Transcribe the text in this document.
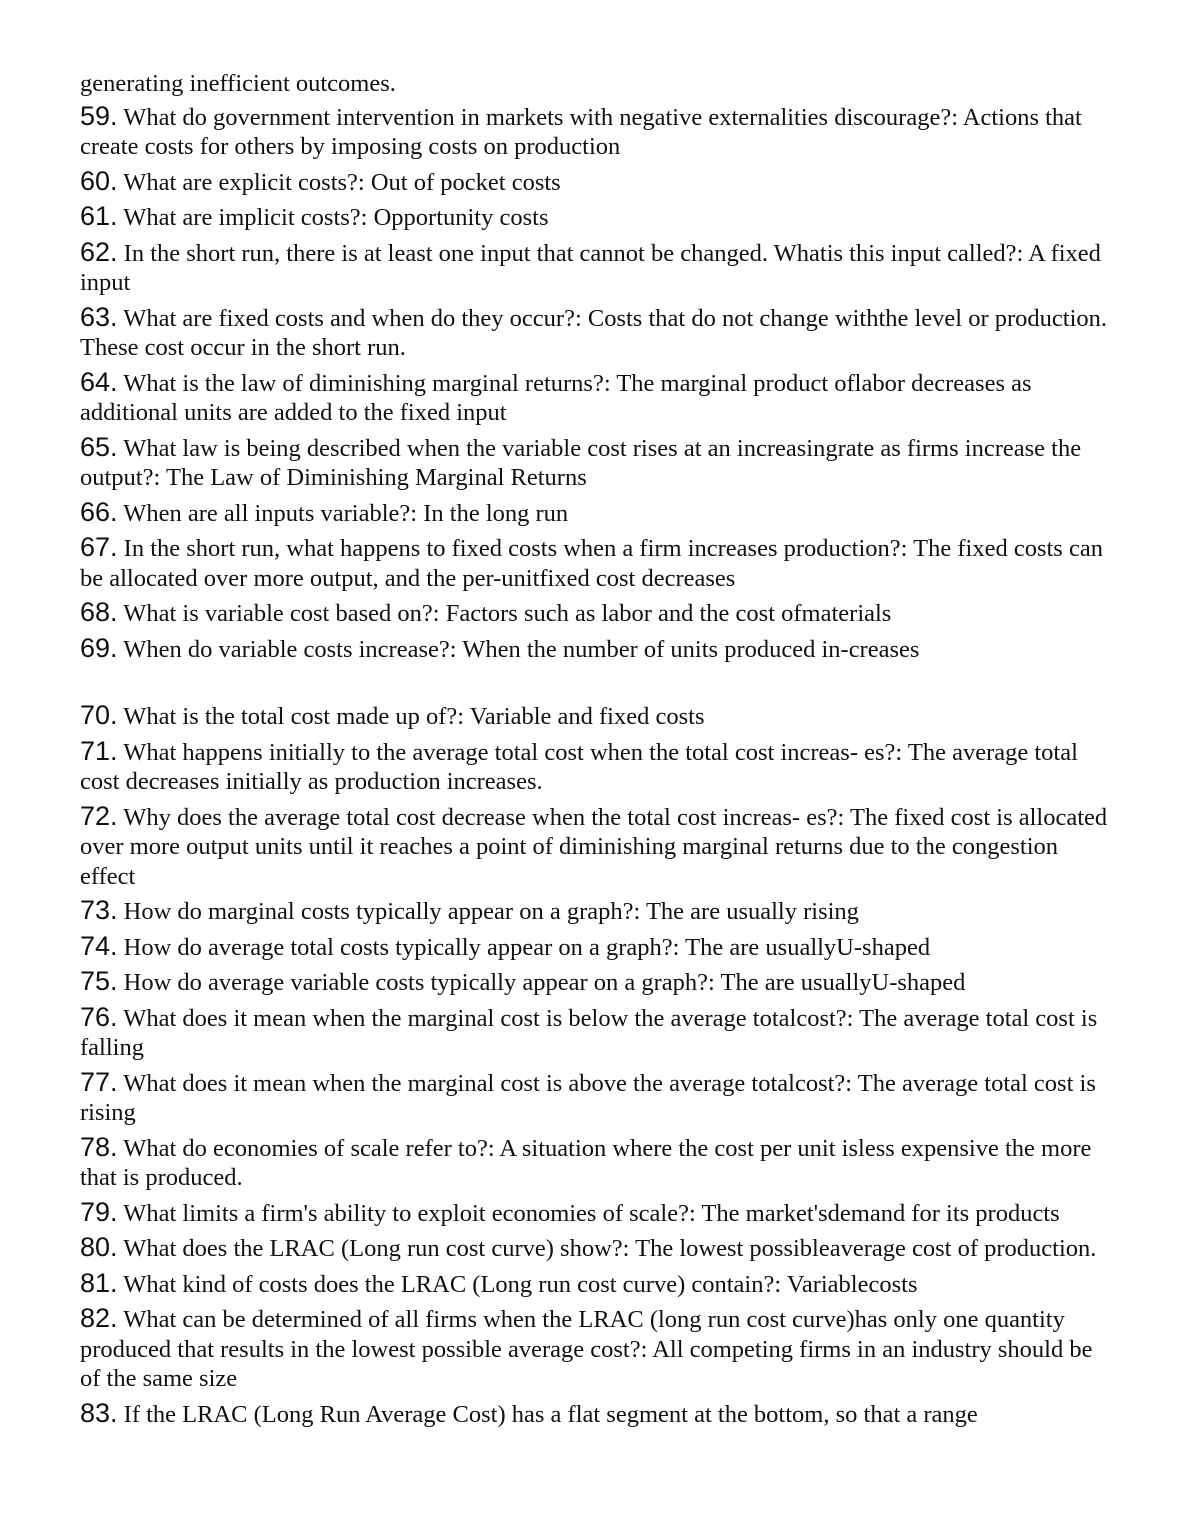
generating inefficient outcomes.
59. What do government intervention in markets with negative externalities discourage?: Actions that create costs for others by imposing costs on production
60. What are explicit costs?: Out of pocket costs
61. What are implicit costs?: Opportunity costs
62. In the short run, there is at least one input that cannot be changed. Whatis this input called?: A fixed input
63. What are fixed costs and when do they occur?: Costs that do not change withthe level or production. These cost occur in the short run.
64. What is the law of diminishing marginal returns?: The marginal product oflabor decreases as additional units are added to the fixed input
65. What law is being described when the variable cost rises at an increasingrate as firms increase the output?: The Law of Diminishing Marginal Returns
66. When are all inputs variable?: In the long run
67. In the short run, what happens to fixed costs when a firm increases production?: The fixed costs can be allocated over more output, and the per-unitfixed cost decreases
68. What is variable cost based on?: Factors such as labor and the cost ofmaterials
69. When do variable costs increase?: When the number of units produced in-creases
70. What is the total cost made up of?: Variable and fixed costs
71. What happens initially to the average total cost when the total cost increas- es?: The average total cost decreases initially as production increases.
72. Why does the average total cost decrease when the total cost increas- es?: The fixed cost is allocated over more output units until it reaches a point of diminishing marginal returns due to the congestion effect
73. How do marginal costs typically appear on a graph?: The are usually rising
74. How do average total costs typically appear on a graph?: The are usuallyU-shaped
75. How do average variable costs typically appear on a graph?: The are usuallyU-shaped
76. What does it mean when the marginal cost is below the average totalcost?: The average total cost is falling
77. What does it mean when the marginal cost is above the average totalcost?: The average total cost is rising
78. What do economies of scale refer to?: A situation where the cost per unit isless expensive the more that is produced.
79. What limits a firm's ability to exploit economies of scale?: The market'sdemand for its products
80. What does the LRAC (Long run cost curve) show?: The lowest possibleaverage cost of production.
81. What kind of costs does the LRAC (Long run cost curve) contain?: Variablecosts
82. What can be determined of all firms when the LRAC (long run cost curve)has only one quantity produced that results in the lowest possible average cost?: All competing firms in an industry should be of the same size
83. If the LRAC (Long Run Average Cost) has a flat segment at the bottom, so that a range
